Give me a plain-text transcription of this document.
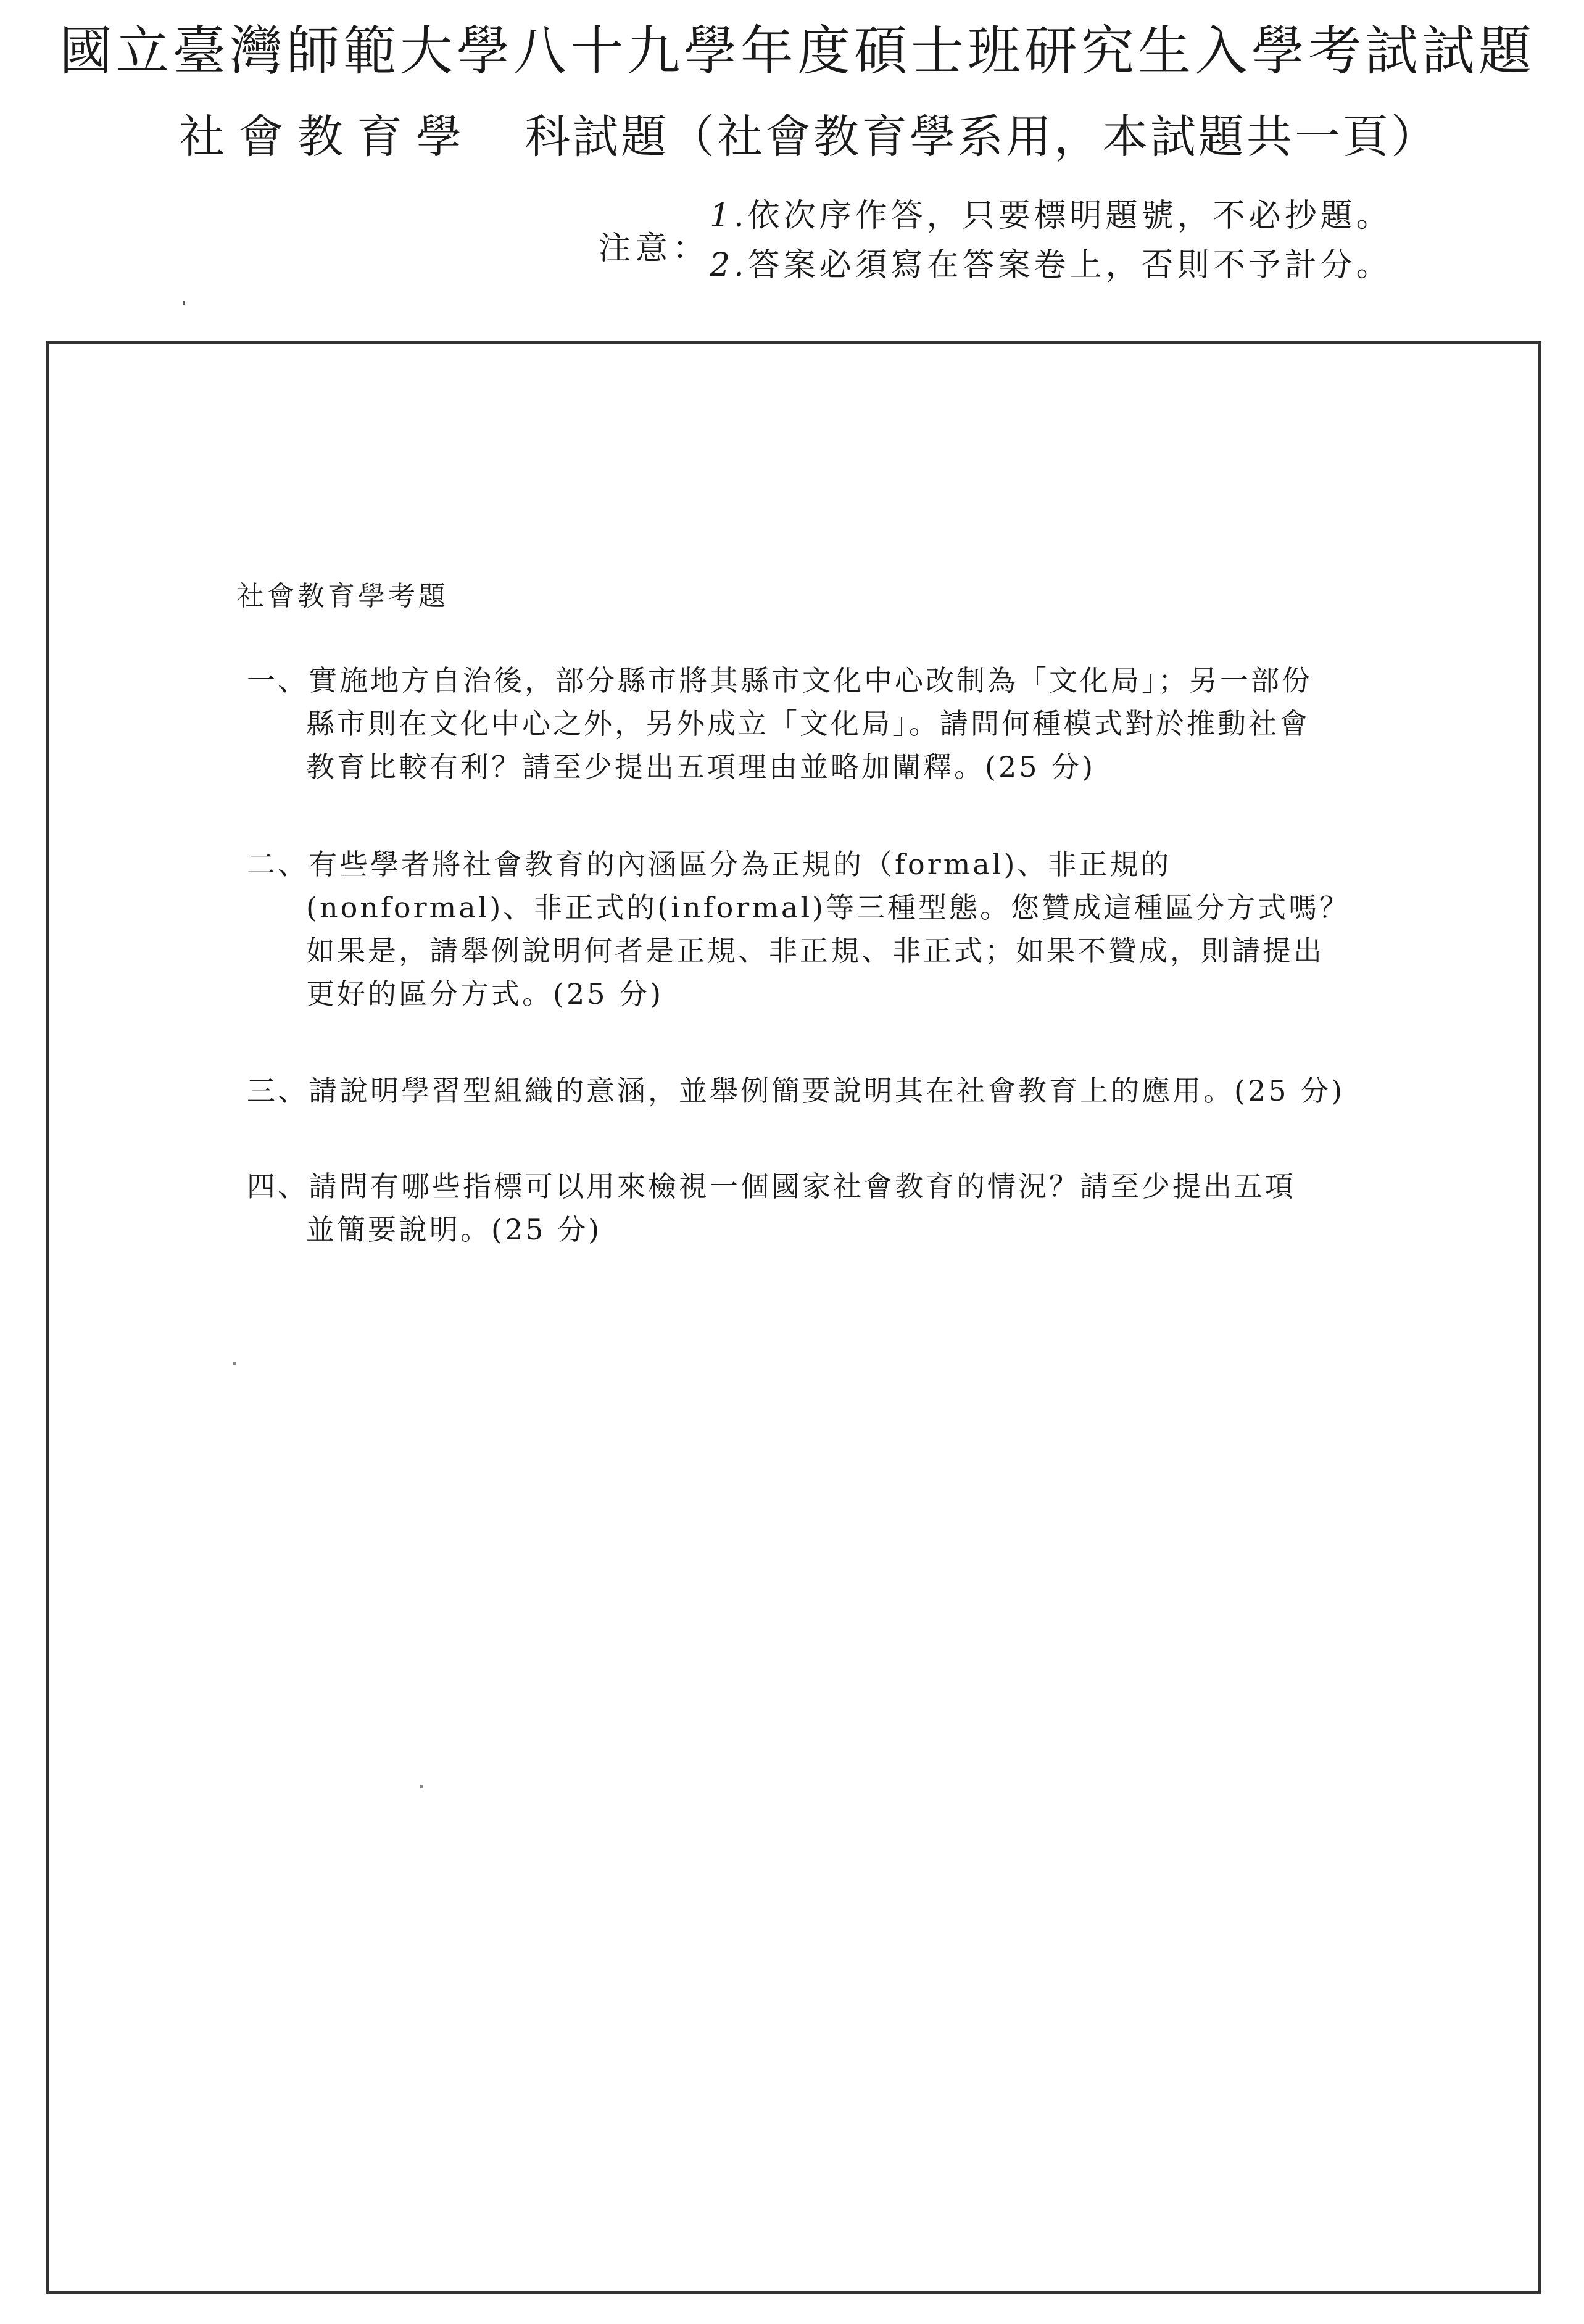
國立臺灣師範大學八十九學年度碩士班研究生入學考試試題
社會教育學 科試題（社會教育學系用，本試題共一頁）
注意：
1.依次序作答，只要標明題號，不必抄題。
2.答案必須寫在答案卷上，否則不予計分。
社會教育學考題
一、實施地方自治後，部分縣市將其縣市文化中心改制為「文化局」；另一部份
縣市則在文化中心之外，另外成立「文化局」。請問何種模式對於推動社會
教育比較有利？請至少提出五項理由並略加闡釋。(25 分)
二、有些學者將社會教育的內涵區分為正規的（formal)、非正規的
(nonformal)、非正式的(informal)等三種型態。您贊成這種區分方式嗎？
如果是，請舉例說明何者是正規、非正規、非正式；如果不贊成，則請提出
更好的區分方式。(25 分)
三、請說明學習型組織的意涵，並舉例簡要說明其在社會教育上的應用。(25 分)
四、請問有哪些指標可以用來檢視一個國家社會教育的情況？請至少提出五項
並簡要說明。(25 分)
